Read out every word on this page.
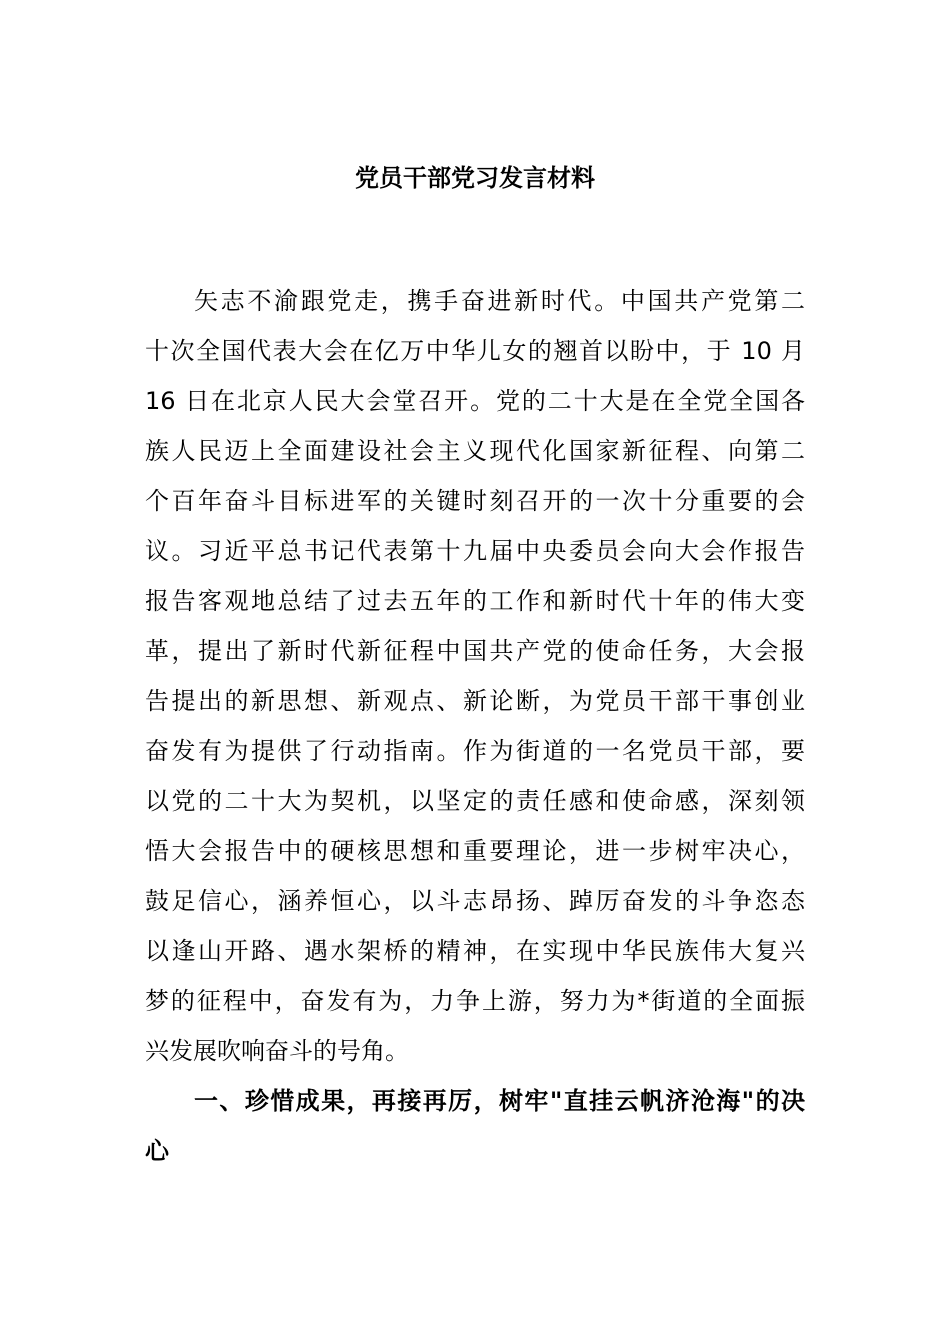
党员干部党习发言材料
矢志不渝跟党走，携手奋进新时代。中国共产党第二
十次全国代表大会在亿万中华儿女的翘首以盼中，于 10 月
16 日在北京人民大会堂召开。党的二十大是在全党全国各
族人民迈上全面建设社会主义现代化国家新征程、向第二
个百年奋斗目标进军的关键时刻召开的一次十分重要的会
议。习近平总书记代表第十九届中央委员会向大会作报告
报告客观地总结了过去五年的工作和新时代十年的伟大变
革，提出了新时代新征程中国共产党的使命任务，大会报
告提出的新思想、新观点、新论断，为党员干部干事创业
奋发有为提供了行动指南。作为街道的一名党员干部，要
以党的二十大为契机，以坚定的责任感和使命感，深刻领
悟大会报告中的硬核思想和重要理论，进一步树牢决心，
鼓足信心，涵养恒心，以斗志昂扬、踔厉奋发的斗争恣态
以逢山开路、遇水架桥的精神，在实现中华民族伟大复兴
梦的征程中，奋发有为，力争上游，努力为*街道的全面振
兴发展吹响奋斗的号角。
一、珍惜成果，再接再厉，树牢"直挂云帆济沧海"的决
心
